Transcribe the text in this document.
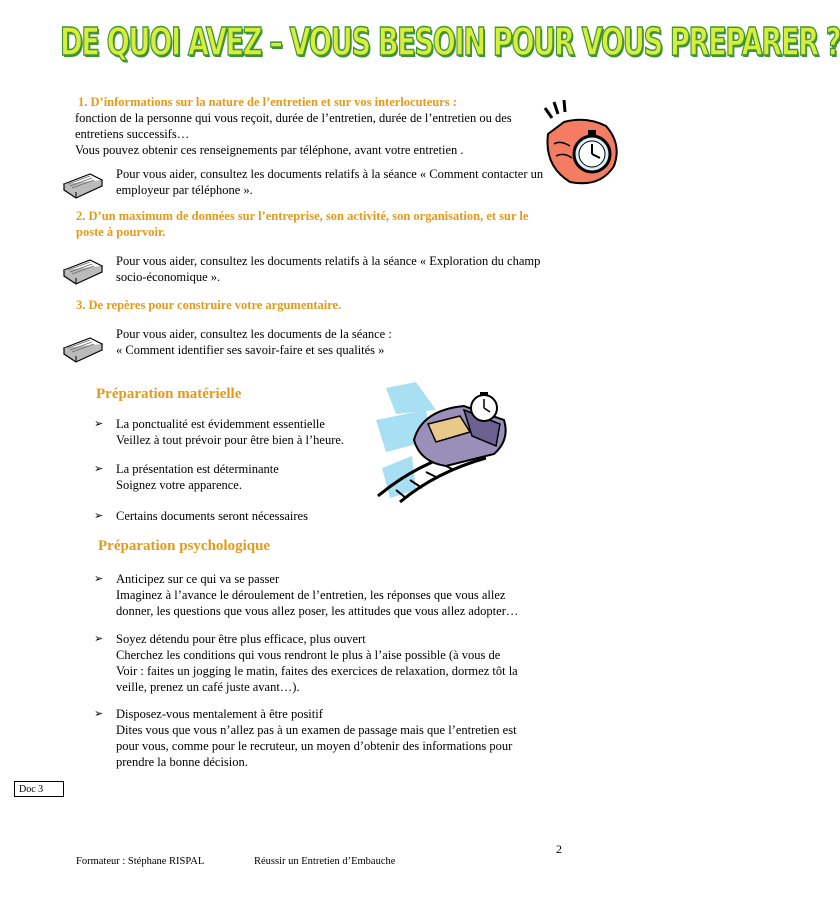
DE QUOI AVEZ – VOUS BESOIN POUR VOUS PREPARER ?
1. D’informations sur la nature de l’entretien et sur vos interlocuteurs :
fonction de la personne qui vous reçoit, durée de l’entretien, durée de l’entretien ou des
entretiens successifs…
Vous pouvez obtenir ces renseignements par téléphone, avant votre entretien .
Pour vous aider, consultez les documents relatifs à la séance « Comment contacter un
employeur par téléphone ».
2. D’un maximum de données sur l’entreprise, son activité, son organisation, et sur le
poste à pourvoir.
Pour vous aider, consultez les documents relatifs à la séance « Exploration du champ
socio-économique ».
3. De repères pour construire votre argumentaire.
Pour vous aider, consultez les documents de la séance :
« Comment identifier ses savoir-faire et ses qualités »
Préparation matérielle
➢	La ponctualité est évidemment essentielle
Veillez à tout prévoir pour être bien à l’heure.
➢	La présentation est déterminante
Soignez votre apparence.
➢	Certains documents seront nécessaires
Préparation psychologique
➢	Anticipez sur ce qui va se passer
Imaginez à l’avance le déroulement de l’entretien, les réponses que vous allez
donner, les questions que vous allez poser, les attitudes que vous allez adopter…
➢	Soyez détendu pour être plus efficace, plus ouvert
Cherchez les conditions qui vous rendront le plus à l’aise possible (à vous de
Voir : faites un jogging le matin, faites des exercices de relaxation, dormez tôt la
veille, prenez un café juste avant…).
➢	Disposez-vous mentalement à être positif
Dites vous que vous n’allez pas à un examen de passage mais que l’entretien est
pour vous, comme pour le recruteur, un moyen d’obtenir des informations pour
prendre la bonne décision.
Doc 3
2
Formateur : Stéphane RISPAL	Réussir un Entretien d’Embauche
